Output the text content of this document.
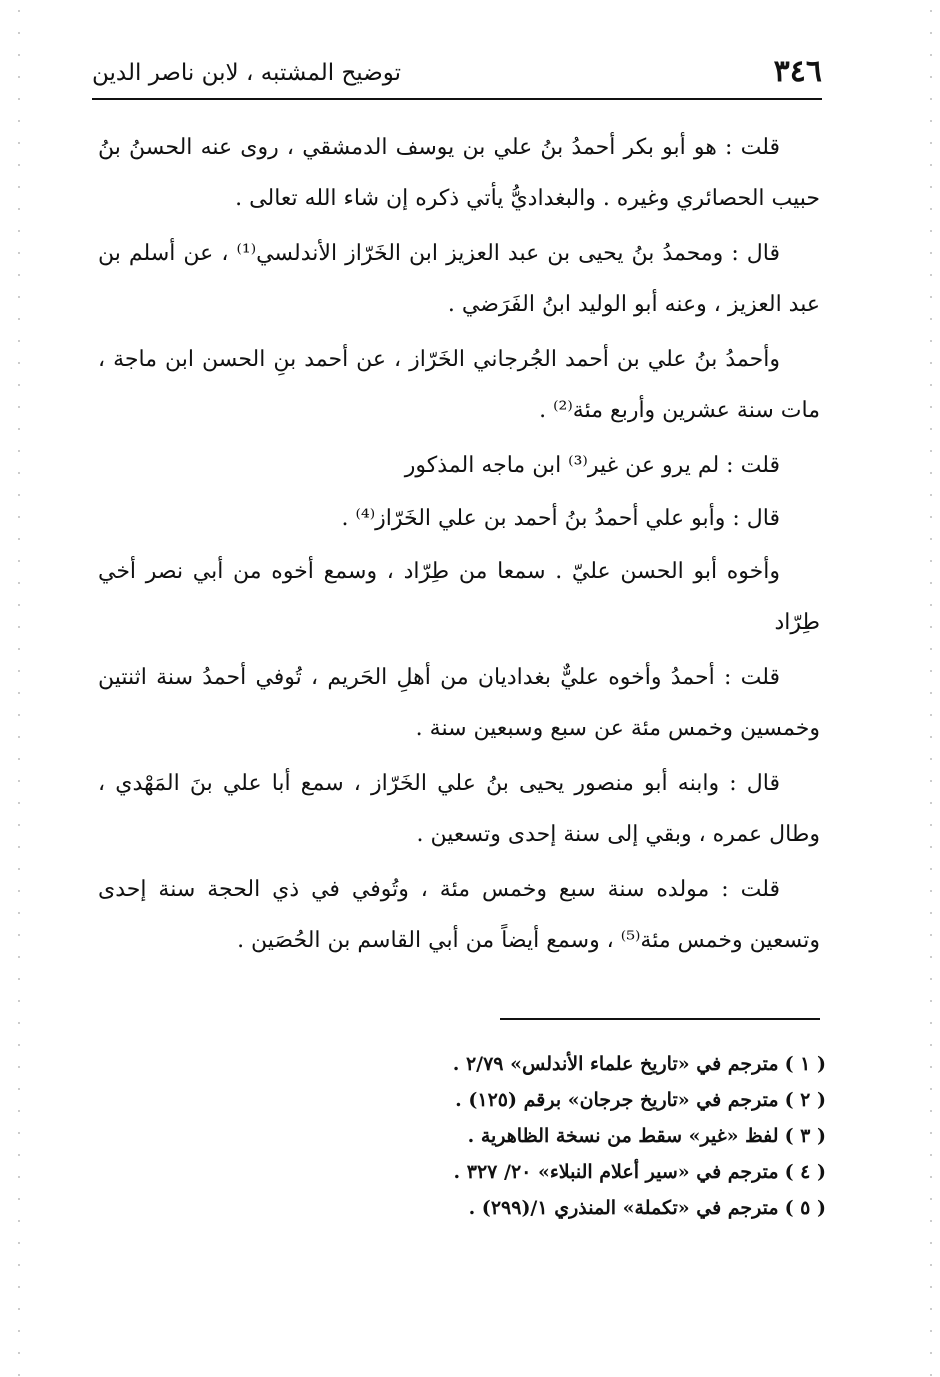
٣٤٦
توضيح المشتبه ، لابن ناصر الدين

قلت : هو أبو بكر أحمدُ بنُ علي بن يوسف الدمشقي ، روى عنه الحسنُ بنُ حبيب الحصائري وغيره . والبغداديُّ يأتي ذكره إن شاء الله تعالى .

قال : ومحمدُ بنُ يحيى بن عبد العزيز ابن الخَرّاز الأندلسي⁽¹⁾ ، عن أسلم بن عبد العزيز ، وعنه أبو الوليد ابنُ الفَرَضي .

وأحمدُ بنُ علي بن أحمد الجُرجاني الخَرّاز ، عن أحمد بنِ الحسن ابن ماجة ، مات سنة عشرين وأربع مئة⁽²⁾ .

قلت : لم يرو عن غير⁽³⁾ ابن ماجه المذكور

قال : وأبو علي أحمدُ بنُ أحمد بن علي الخَرّاز⁽⁴⁾ .

وأخوه أبو الحسن عليّ . سمعا من طِرّاد ، وسمع أخوه من أبي نصر أخي طِرّاد

قلت : أحمدُ وأخوه عليٌّ بغداديان من أهلِ الحَريم ، تُوفي أحمدُ سنة اثنتين وخمسين وخمس مئة عن سبع وسبعين سنة .

قال : وابنه أبو منصور يحيى بنُ علي الخَرّاز ، سمع أبا علي بنَ المَهْدي ، وطال عمره ، وبقي إلى سنة إحدى وتسعين .

قلت : مولده سنة سبع وخمس مئة ، وتُوفي في ذي الحجة سنة إحدى وتسعين وخمس مئة⁽⁵⁾ ، وسمع أيضاً من أبي القاسم بن الحُصَين .

( ١ )مترجم في «تاريخ علماء الأندلس» ٢/٧٩ .
( ٢ )مترجم في «تاريخ جرجان» برقم (١٢٥) .
( ٣ )لفظ «غير» سقط من نسخة الظاهرية .
( ٤ )مترجم في «سير أعلام النبلاء» ٢٠/ ٣٢٧ .
( ٥ )مترجم في «تكملة» المنذري ١/(٢٩٩) .
